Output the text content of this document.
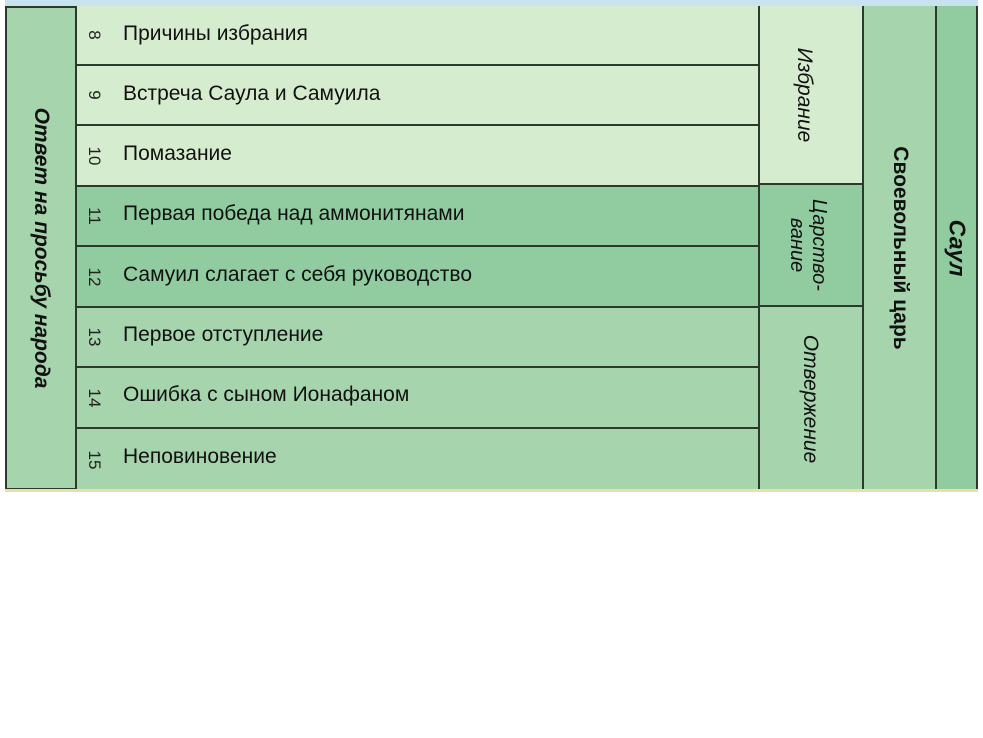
Ответ на просьбу народа
8 Причины избрания
9 Встреча Саула и Самуила
10 Помазание
11 Первая победа над аммонитянами
12 Самуил слагает с себя руководство
13 Первое отступление
14 Ошибка с сыном Ионафаном
15 Неповиновение
Избрание
Царство-
вание
Отвержение
Своевольный царь Саул
